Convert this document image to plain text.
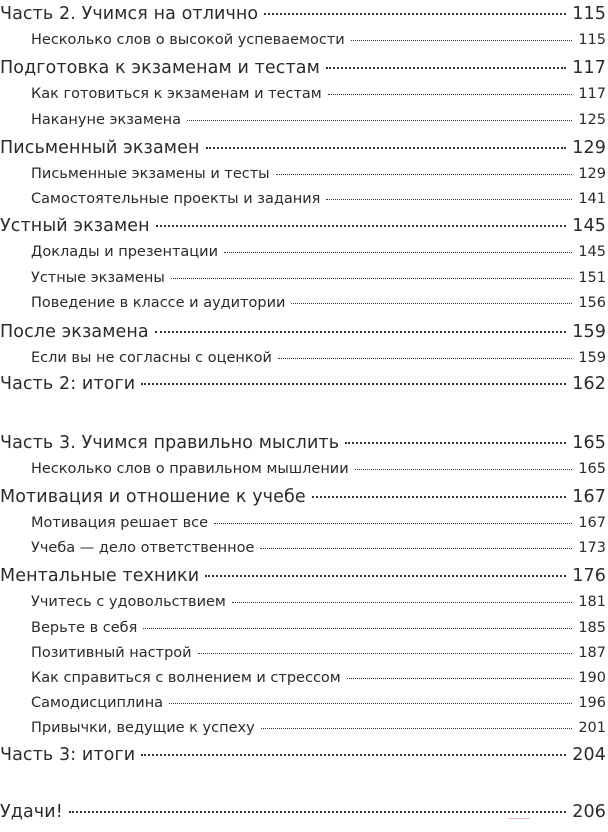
Часть 2. Учимся на отлично	115
Несколько слов о высокой успеваемости	115
Подготовка к экзаменам и тестам	117
Как готовиться к экзаменам и тестам	117
Накануне экзамена	125
Письменный экзамен	129
Письменные экзамены и тесты	129
Самостоятельные проекты и задания	141
Устный экзамен	145
Доклады и презентации	145
Устные экзамены	151
Поведение в классе и аудитории	156
После экзамена	159
Если вы не согласны с оценкой	159
Часть 2: итоги	162
Часть 3. Учимся правильно мыслить	165
Несколько слов о правильном мышлении	165
Мотивация и отношение к учебе	167
Мотивация решает все	167
Учеба — дело ответственное	173
Ментальные техники	176
Учитесь с удовольствием	181
Верьте в себя	185
Позитивный настрой	187
Как справиться с волнением и стрессом	190
Самодисциплина	196
Привычки, ведущие к успеху	201
Часть 3: итоги	204
Удачи!	206
